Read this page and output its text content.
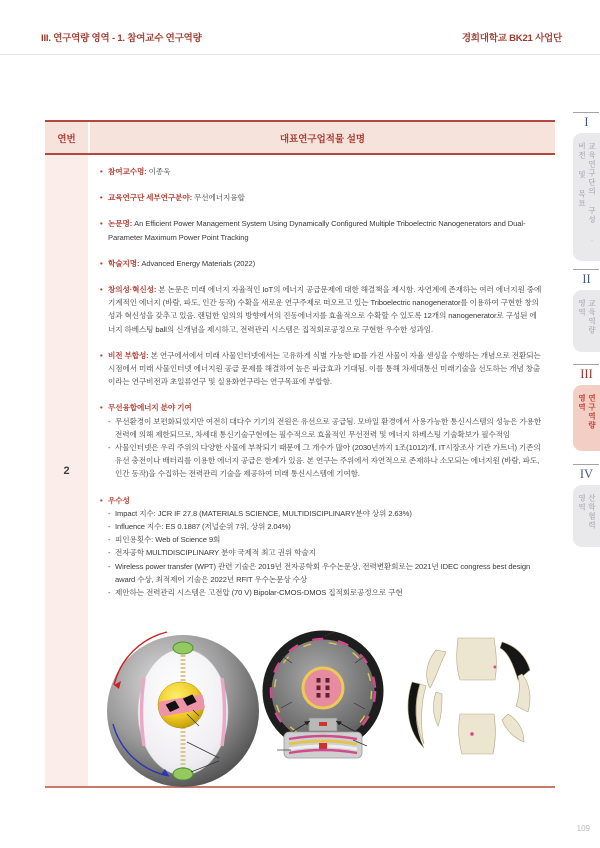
III. 연구역량 영역 - 1. 참여교수 연구역량	경희대학교 BK21 사업단
연번	대표연구업적물 설명
2
• 참여교수명: 이종욱
• 교육연구단 세부연구분야: 무선에너지융합
• 논문명: An Efficient Power Management System Using Dynamically Configured Multiple Triboelectric Nanogenerators and Dual-Parameter Maximum Power Point Tracking
• 학술지명: Advanced Energy Materials (2022)
• 창의성·혁신성: 본 논문은 미래 에너지 자율적인 IoT의 에너지 공급문제에 대한 해결책을 제시함. 자연계에 존재하는 여러 에너지원 중에 기계적인 에너지 (바람, 파도, 인간 동작) 수확을 새로운 연구주제로 떠오르고 있는 Triboelectric nanogenerator를 이용하여 구현한 창의성과 혁신성을 갖추고 있음. 랜덤한 임의의 방향에서의 진동에너지를 효율적으로 수확할 수 있도록 12개의 nanogenerator로 구성된 에너지 하베스팅 ball의 신개념을 제시하고, 전력관리 시스템은 집적회로공정으로 구현한 우수한 성과임.
• 비전 부합성: 본 연구에서에서 미래 사물인터넷에서는 고유하게 식별 가능한 ID를 가진 사물이 자율 센싱을 수행하는 개념으로 전환되는 시점에서 미래 사물인터넷 에너지원 공급 문제를 해결하여 높은 파급효과 기대됨. 이를 통해 차세대통신 미래기술을 선도하는 개념 창출이라는 연구비전과 초일류연구 및 실용화연구라는 연구목표에 부합함.
• 무선융합에너지 분야 기여
- 무선환경이 보편화되었지만 여전히 대다수 기기의 전원은 유선으로 공급됨. 모바일 환경에서 사용가능한 통신시스템의 성능은 가용한 전력에 의해 제한되므로, 차세대 통신기술구현에는 필수적으로 효율적인 무선전력 및 에너지 하베스팅 기술확보가 필수적임
- 사물인터넷은 우리 주위의 다양한 사물에 부착되기 때문에 그 개수가 많아 (2030년까지 1조(1012)개, IT시장조사 기관 가트너) 기존의 유선 충전이나 배터리를 이용한 에너지 공급은 한계가 있음. 본 연구는 주위에서 자연적으로 존재하나 소모되는 에너지원 (바람, 파도, 인간 동작)을 수집하는 전력관리 기술을 제공하여 미래 통신시스템에 기여함.
• 우수성
- Impact 지수: JCR IF 27.8 (MATERIALS SCIENCE, MULTIDISCIPLINARY분야 상위 2.63%)
- Influence 지수: ES 0.1887 (저널순위 7위, 상위 2.04%)
- 피인용횟수: Web of Science 9회
- 전자공학 MULTIDISCIPLINARY 분야 국제적 최고 권위 학술지
- Wireless power transfer (WPT) 관련 기술은 2019년 전자공학회 우수논문상, 전력변환회로는 2021년 IDEC congress best design award 수상, 최적제어 기술은 2022년 RFIT 우수논문상 수상
- 제안하는 전력관리 시스템은 고전압 (70 V) Bipolar-CMOS-DMOS 집적회로공정으로 구현
109
I
교육연구단의 구성 · 비전 및 목표
II
교육역량 영역
III
연구역량 영역
IV
산학협력 영역
